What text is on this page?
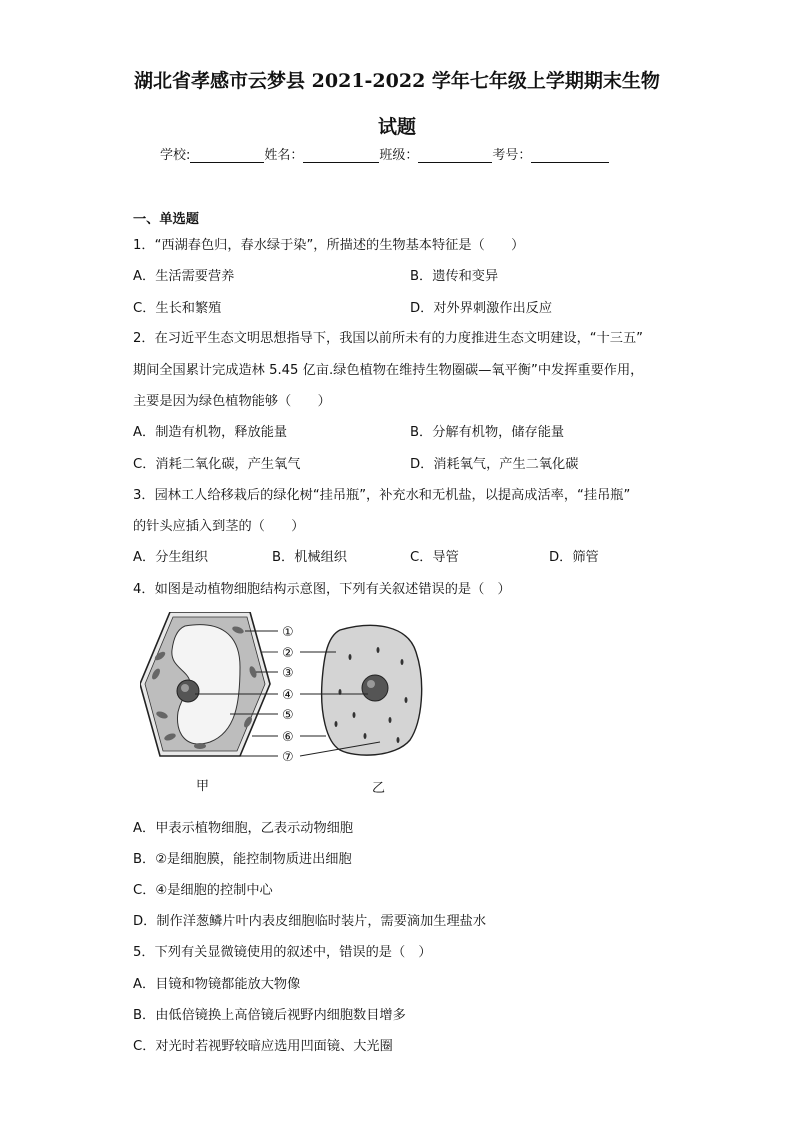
湖北省孝感市云梦县 2021-2022 学年七年级上学期期末生物
试题
学校:	姓名：	班级：	考号：
一、单选题
1．“西湖春色归，春水绿于染”，所描述的生物基本特征是（　　）
A．生活需要营养	B．遗传和变异
C．生长和繁殖	D．对外界刺激作出反应
2．在习近平生态文明思想指导下，我国以前所未有的力度推进生态文明建设，“十三五”
期间全国累计完成造林 5.45 亿亩.绿色植物在维持生物圈碳—氧平衡”中发挥重要作用，
主要是因为绿色植物能够（　　）
A．制造有机物，释放能量	B．分解有机物，储存能量
C．消耗二氧化碳，产生氧气	D．消耗氧气，产生二氧化碳
3．园林工人给移栽后的绿化树“挂吊瓶”，补充水和无机盐，以提高成活率，“挂吊瓶”
的针头应插入到茎的（　　）
A．分生组织	B．机械组织	C．导管	D．筛管
4．如图是动植物细胞结构示意图，下列有关叙述错误的是（　）
①
②
③
④
⑤
⑥
⑦
甲	乙
A．甲表示植物细胞，乙表示动物细胞
B．②是细胞膜，能控制物质进出细胞
C．④是细胞的控制中心
D．制作洋葱鳞片叶内表皮细胞临时装片，需要滴加生理盐水
5．下列有关显微镜使用的叙述中，错误的是（　）
A．目镜和物镜都能放大物像
B．由低倍镜换上高倍镜后视野内细胞数目增多
C．对光时若视野较暗应选用凹面镜、大光圈
